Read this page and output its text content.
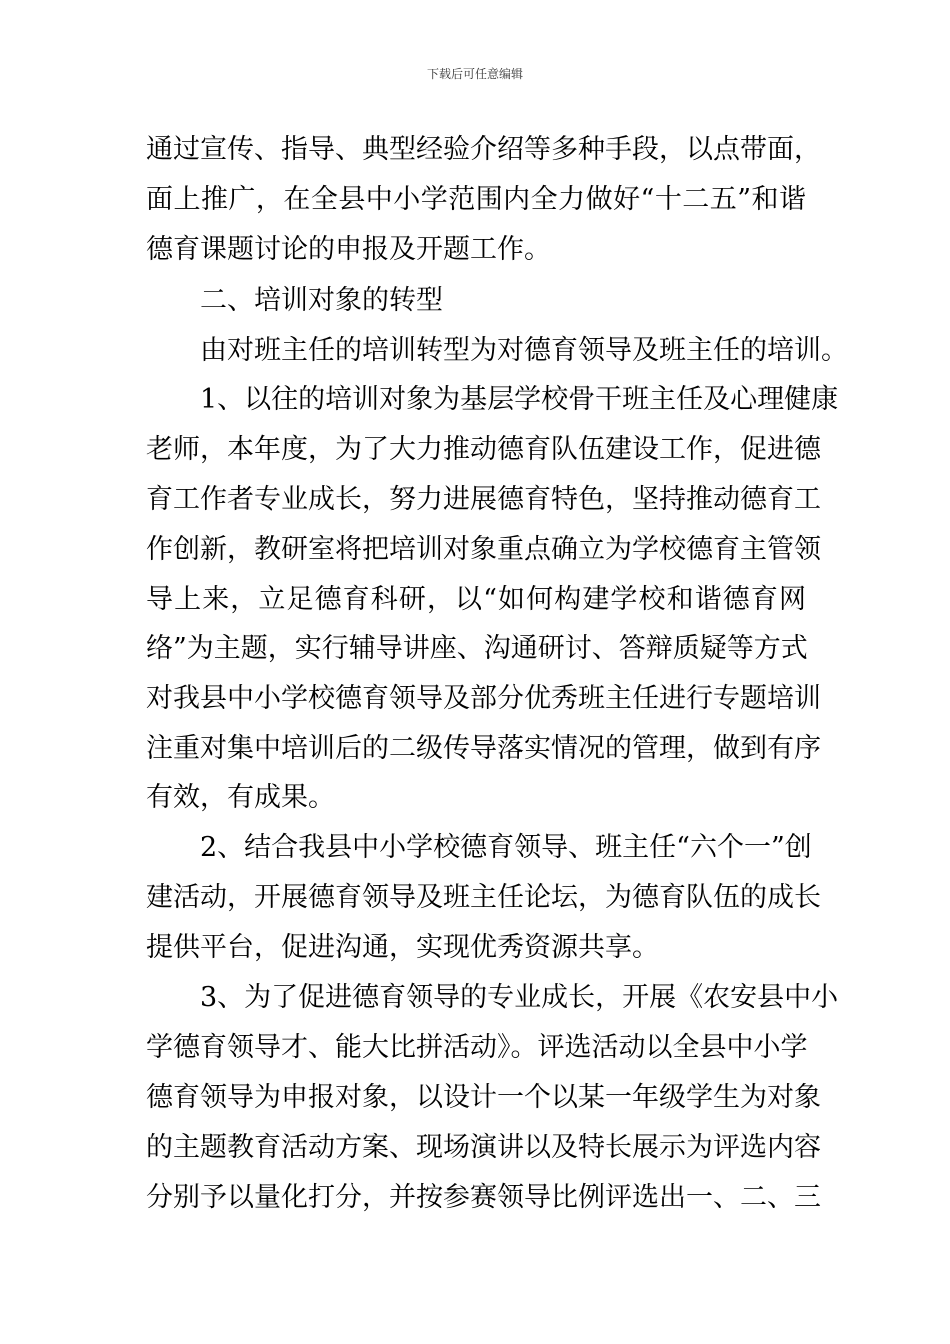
下载后可任意编辑
通过宣传、指导、典型经验介绍等多种手段，以点带面，
面上推广，在全县中小学范围内全力做好“十二五”和谐
德育课题讨论的申报及开题工作。
二、培训对象的转型
由对班主任的培训转型为对德育领导及班主任的培训。
1、以往的培训对象为基层学校骨干班主任及心理健康
老师，本年度，为了大力推动德育队伍建设工作，促进德
育工作者专业成长，努力进展德育特色，坚持推动德育工
作创新，教研室将把培训对象重点确立为学校德育主管领
导上来，立足德育科研，以“如何构建学校和谐德育网
络”为主题，实行辅导讲座、沟通研讨、答辩质疑等方式
对我县中小学校德育领导及部分优秀班主任进行专题培训
注重对集中培训后的二级传导落实情况的管理，做到有序
有效，有成果。
2、结合我县中小学校德育领导、班主任“六个一”创
建活动，开展德育领导及班主任论坛，为德育队伍的成长
提供平台，促进沟通，实现优秀资源共享。
3、为了促进德育领导的专业成长，开展《农安县中小
学德育领导才、能大比拼活动》。评选活动以全县中小学
德育领导为申报对象，以设计一个以某一年级学生为对象
的主题教育活动方案、现场演讲以及特长展示为评选内容
分别予以量化打分，并按参赛领导比例评选出一、二、三
